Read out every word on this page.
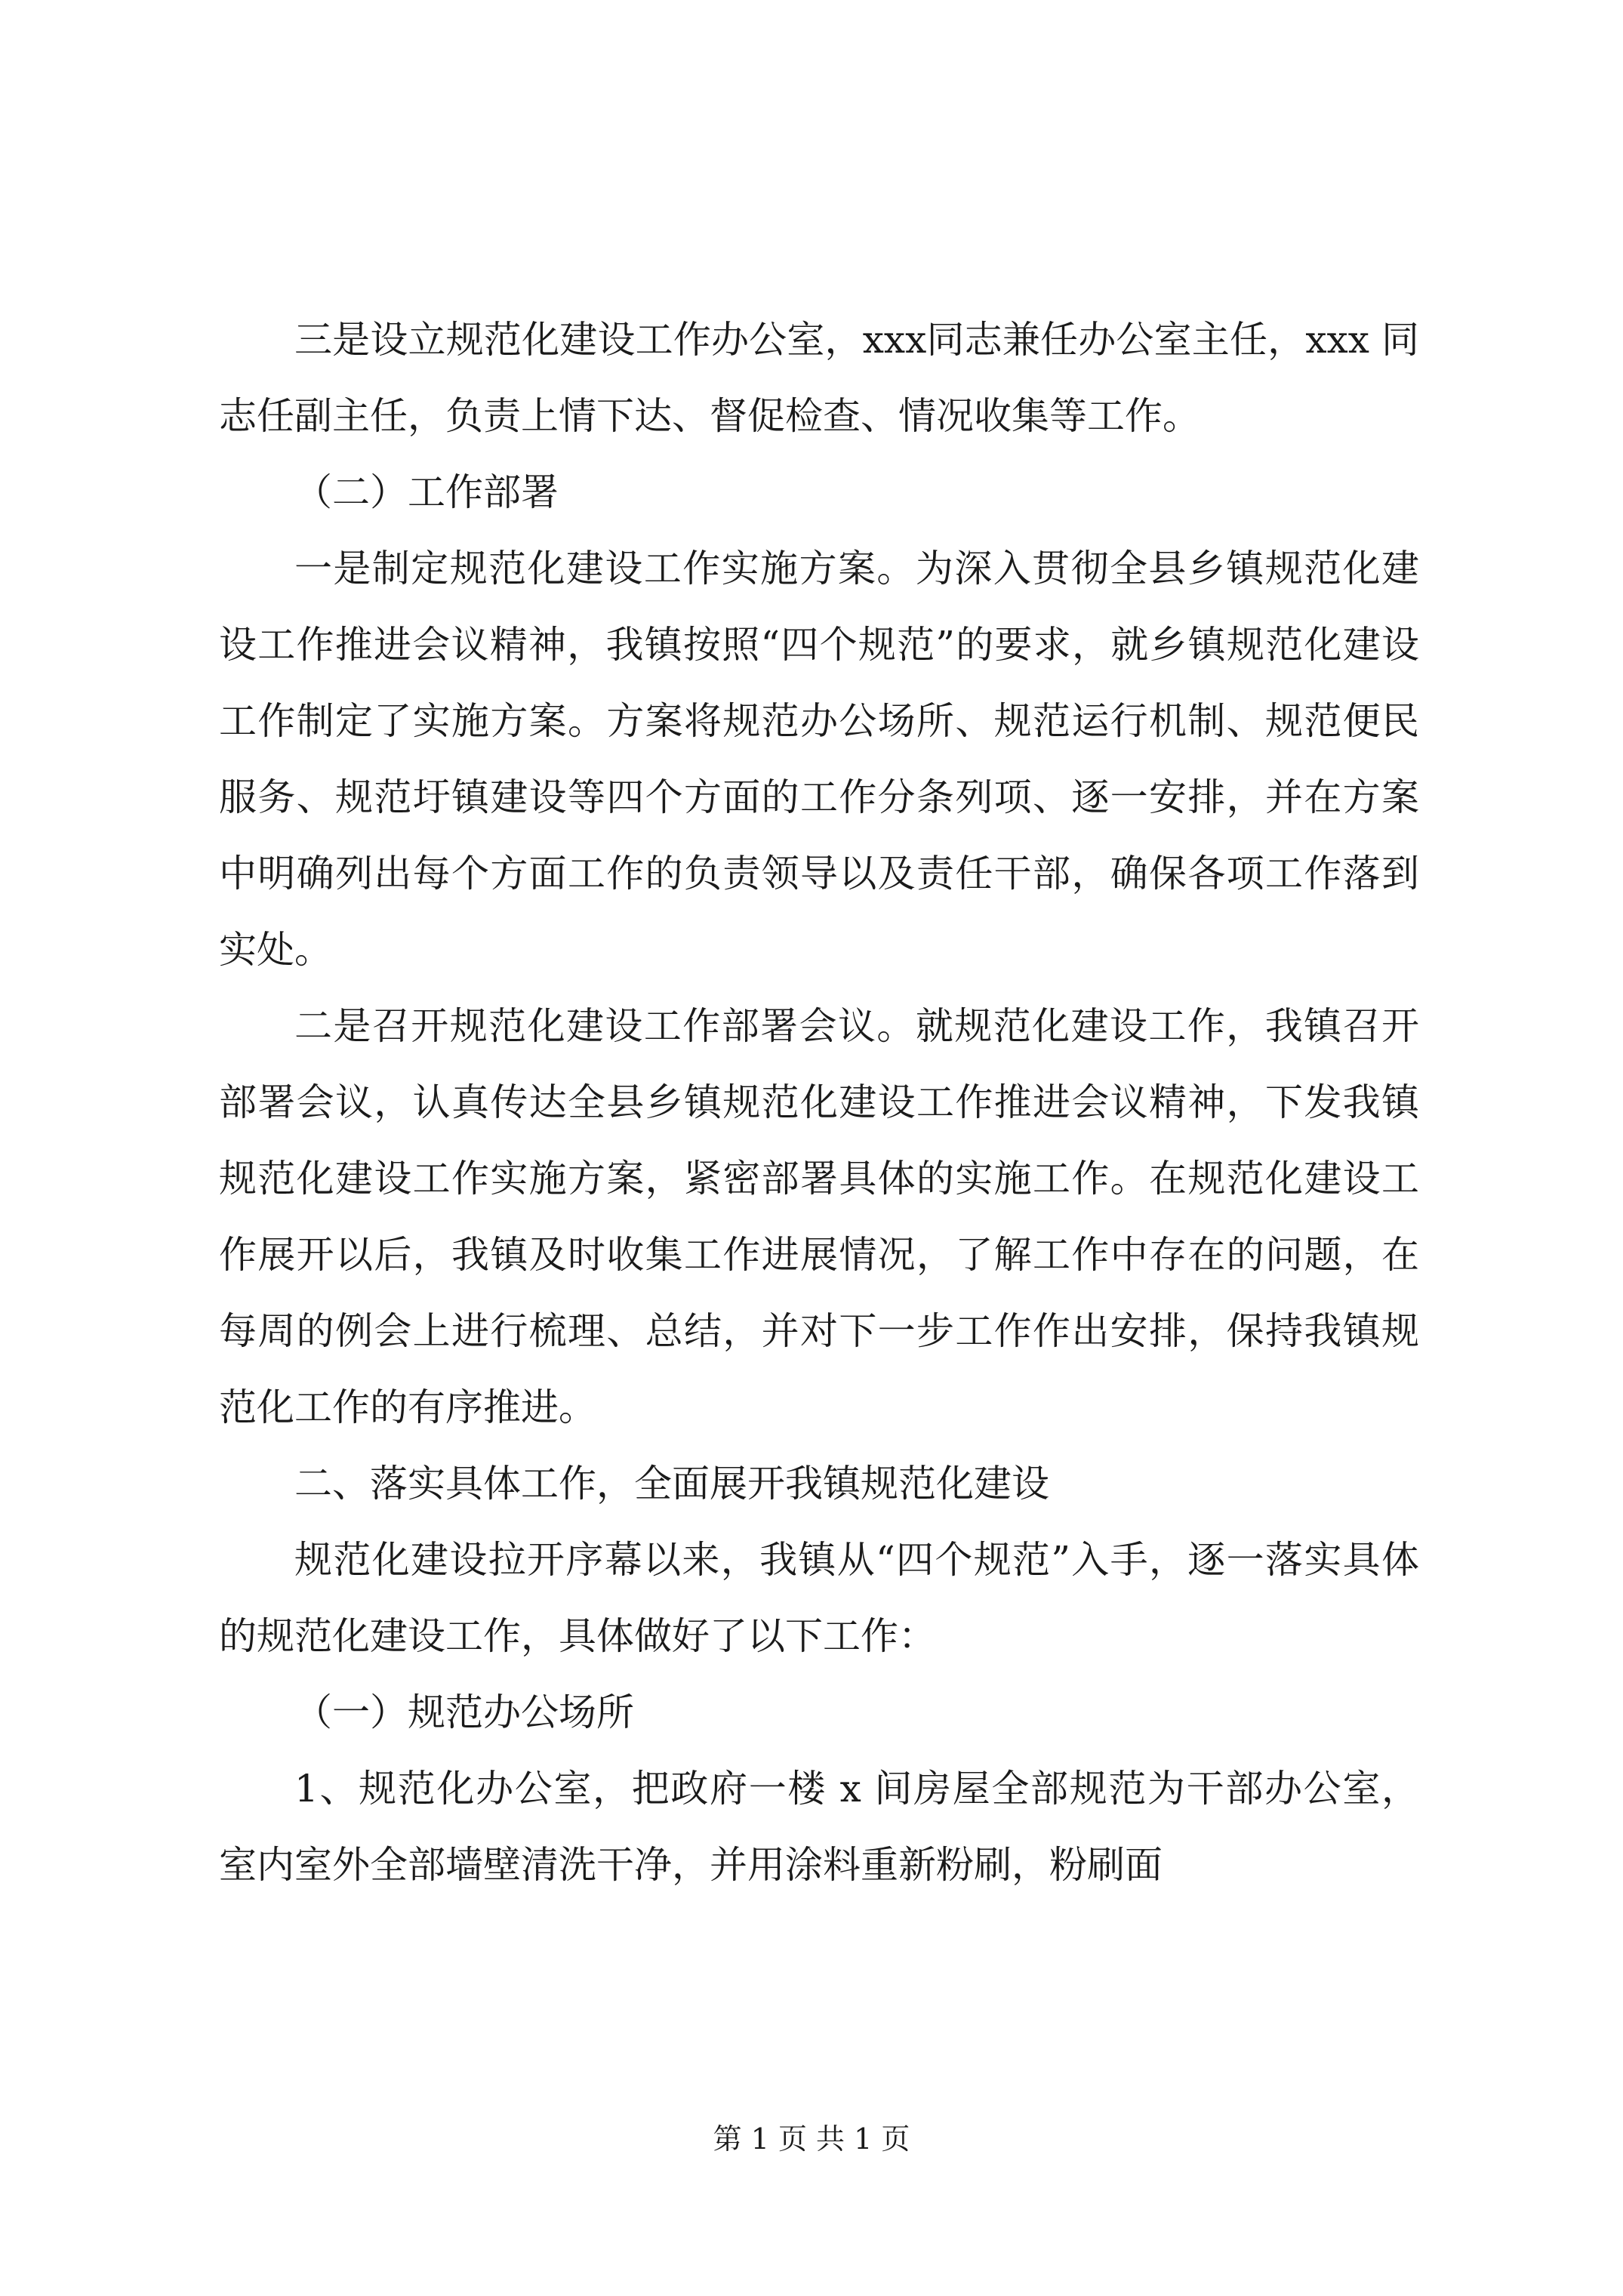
三是设立规范化建设工作办公室，xxx同志兼任办公室主任，xxx 同志任副主任，负责上情下达、督促检查、情况收集等工作。

（二）工作部署

一是制定规范化建设工作实施方案。为深入贯彻全县乡镇规范化建设工作推进会议精神，我镇按照“四个规范”的要求，就乡镇规范化建设工作制定了实施方案。方案将规范办公场所、规范运行机制、规范便民服务、规范圩镇建设等四个方面的工作分条列项、逐一安排，并在方案中明确列出每个方面工作的负责领导以及责任干部，确保各项工作落到实处。

二是召开规范化建设工作部署会议。就规范化建设工作，我镇召开部署会议，认真传达全县乡镇规范化建设工作推进会议精神，下发我镇规范化建设工作实施方案，紧密部署具体的实施工作。在规范化建设工作展开以后，我镇及时收集工作进展情况，了解工作中存在的问题，在每周的例会上进行梳理、总结，并对下一步工作作出安排，保持我镇规范化工作的有序推进。

二、落实具体工作，全面展开我镇规范化建设

规范化建设拉开序幕以来，我镇从“四个规范”入手，逐一落实具体的规范化建设工作，具体做好了以下工作：

（一）规范办公场所

1、规范化办公室，把政府一楼 x 间房屋全部规范为干部办公室，室内室外全部墙壁清洗干净，并用涂料重新粉刷，粉刷面

第 1 页 共 1 页
